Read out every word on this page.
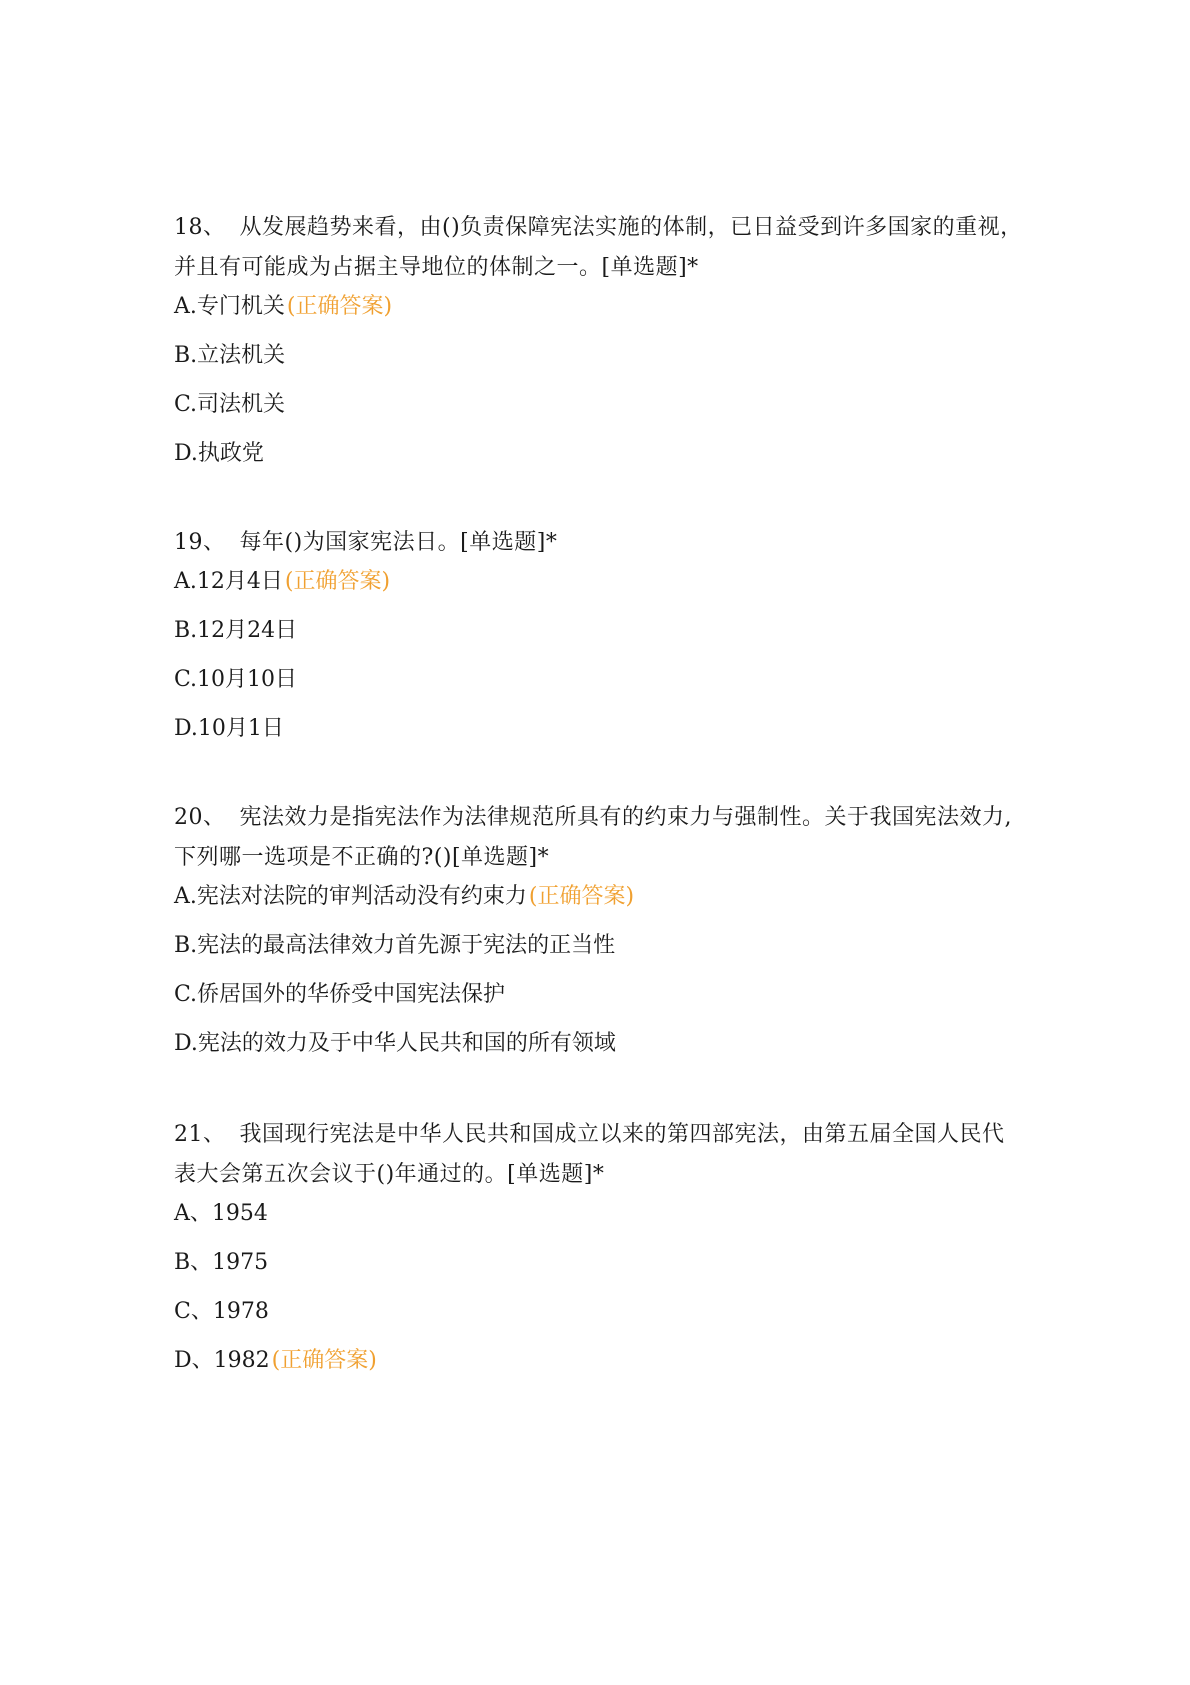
18、 从发展趋势来看，由()负责保障宪法实施的体制，已日益受到许多国家的重视，并且有可能成为占据主导地位的体制之一。[单选题]*

A.专门机关(正确答案)
B.立法机关
C.司法机关
D.执政党

19、 每年()为国家宪法日。[单选题]*

A.12月4日(正确答案)
B.12月24日
C.10月10日
D.10月1日

20、 宪法效力是指宪法作为法律规范所具有的约束力与强制性。关于我国宪法效力,下列哪一选项是不正确的?()[单选题]*

A.宪法对法院的审判活动没有约束力(正确答案)
B.宪法的最高法律效力首先源于宪法的正当性
C.侨居国外的华侨受中国宪法保护
D.宪法的效力及于中华人民共和国的所有领域

21、 我国现行宪法是中华人民共和国成立以来的第四部宪法，由第五届全国人民代表大会第五次会议于()年通过的。[单选题]*

A、1954
B、1975
C、1978
D、1982(正确答案)
